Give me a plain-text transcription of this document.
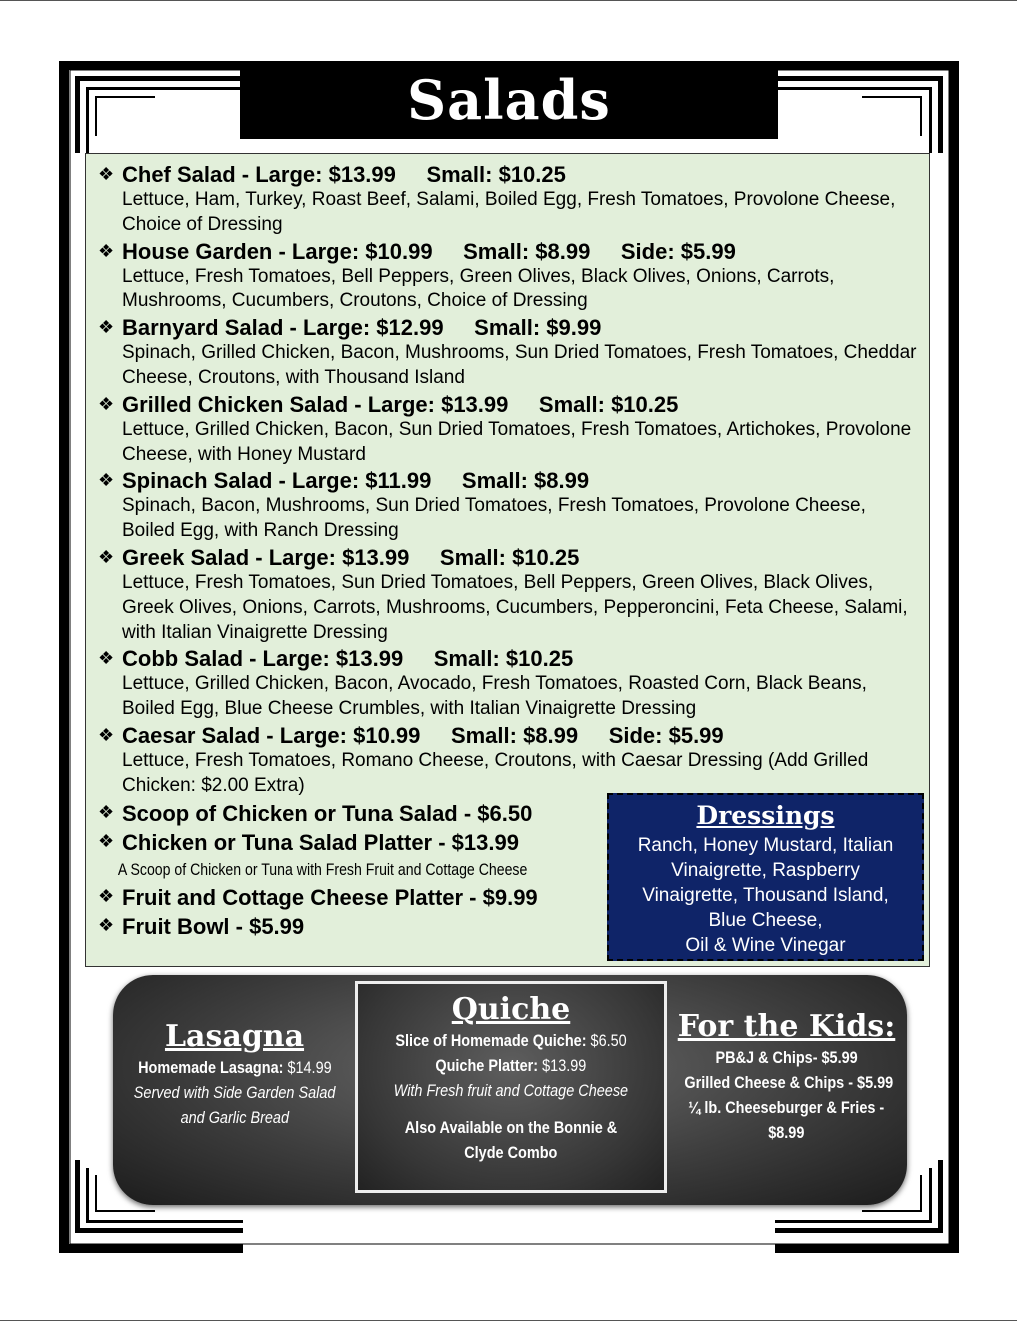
Salads
❖ Chef Salad - Large: $13.99     Small: $10.25
Lettuce, Ham, Turkey, Roast Beef, Salami, Boiled Egg, Fresh Tomatoes, Provolone Cheese, Choice of Dressing
❖ House Garden - Large: $10.99     Small: $8.99     Side: $5.99
Lettuce, Fresh Tomatoes, Bell Peppers, Green Olives, Black Olives, Onions, Carrots, Mushrooms, Cucumbers, Croutons, Choice of Dressing
❖ Barnyard Salad - Large: $12.99     Small: $9.99
Spinach, Grilled Chicken, Bacon, Mushrooms, Sun Dried Tomatoes, Fresh Tomatoes, Cheddar Cheese, Croutons, with Thousand Island
❖ Grilled Chicken Salad - Large: $13.99     Small: $10.25
Lettuce, Grilled Chicken, Bacon, Sun Dried Tomatoes, Fresh Tomatoes, Artichokes, Provolone Cheese, with Honey Mustard
❖ Spinach Salad - Large: $11.99     Small: $8.99
Spinach, Bacon, Mushrooms, Sun Dried Tomatoes, Fresh Tomatoes, Provolone Cheese, Boiled Egg, with Ranch Dressing
❖ Greek Salad - Large: $13.99     Small: $10.25
Lettuce, Fresh Tomatoes, Sun Dried Tomatoes, Bell Peppers, Green Olives, Black Olives, Greek Olives, Onions, Carrots, Mushrooms, Cucumbers, Pepperoncini, Feta Cheese, Salami, with Italian Vinaigrette Dressing
❖ Cobb Salad - Large: $13.99     Small: $10.25
Lettuce, Grilled Chicken, Bacon, Avocado, Fresh Tomatoes, Roasted Corn, Black Beans, Boiled Egg, Blue Cheese Crumbles, with Italian Vinaigrette Dressing
❖ Caesar Salad - Large: $10.99     Small: $8.99     Side: $5.99
Lettuce, Fresh Tomatoes, Romano Cheese, Croutons, with Caesar Dressing (Add Grilled Chicken: $2.00 Extra)
❖ Scoop of Chicken or Tuna Salad - $6.50
❖ Chicken or Tuna Salad Platter - $13.99
A Scoop of Chicken or Tuna with Fresh Fruit and Cottage Cheese
❖ Fruit and Cottage Cheese Platter - $9.99
❖ Fruit Bowl - $5.99
Dressings
Ranch, Honey Mustard, Italian
Vinaigrette, Raspberry
Vinaigrette, Thousand Island,
Blue Cheese,
Oil & Wine Vinegar
Lasagna
Homemade Lasagna: $14.99
Served with Side Garden Salad
and Garlic Bread
For the Kids:
PB&J & Chips- $5.99
Grilled Cheese & Chips - $5.99
¼ lb. Cheeseburger & Fries -
$8.99
Quiche
Slice of Homemade Quiche: $6.50
Quiche Platter: $13.99
With Fresh fruit and Cottage Cheese
Also Available on the Bonnie &
Clyde Combo
